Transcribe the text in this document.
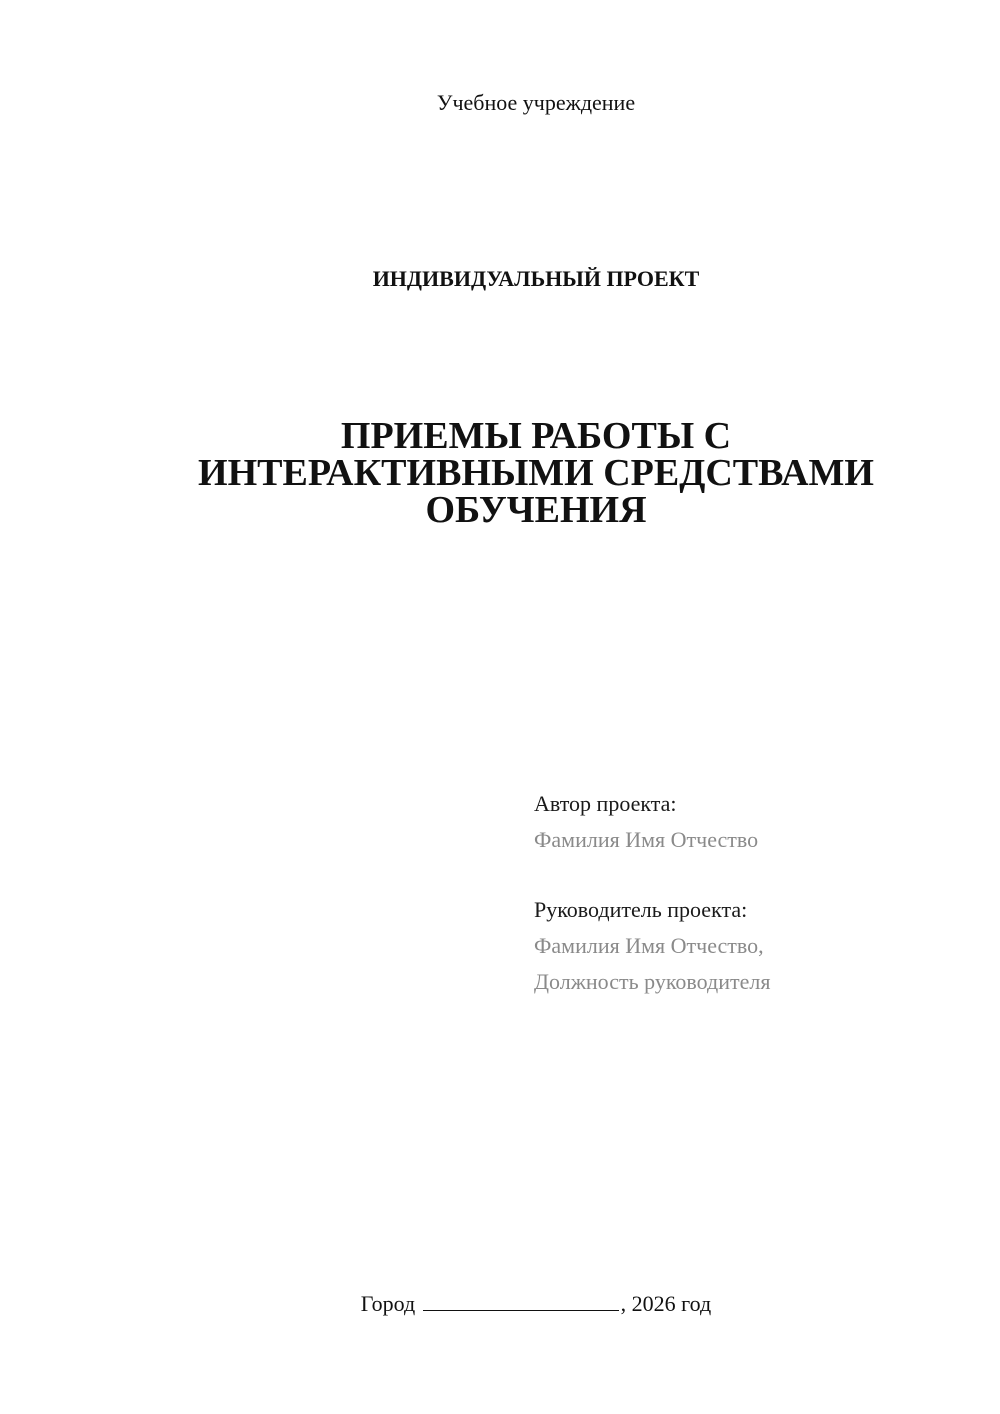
Учебное учреждение
ИНДИВИДУАЛЬНЫЙ ПРОЕКТ
ПРИЕМЫ РАБОТЫ С
ИНТЕРАКТИВНЫМИ СРЕДСТВАМИ
ОБУЧЕНИЯ
Автор проекта:
Фамилия Имя Отчество
Руководитель проекта:
Фамилия Имя Отчество,
Должность руководителя
Город	, 2026 год
